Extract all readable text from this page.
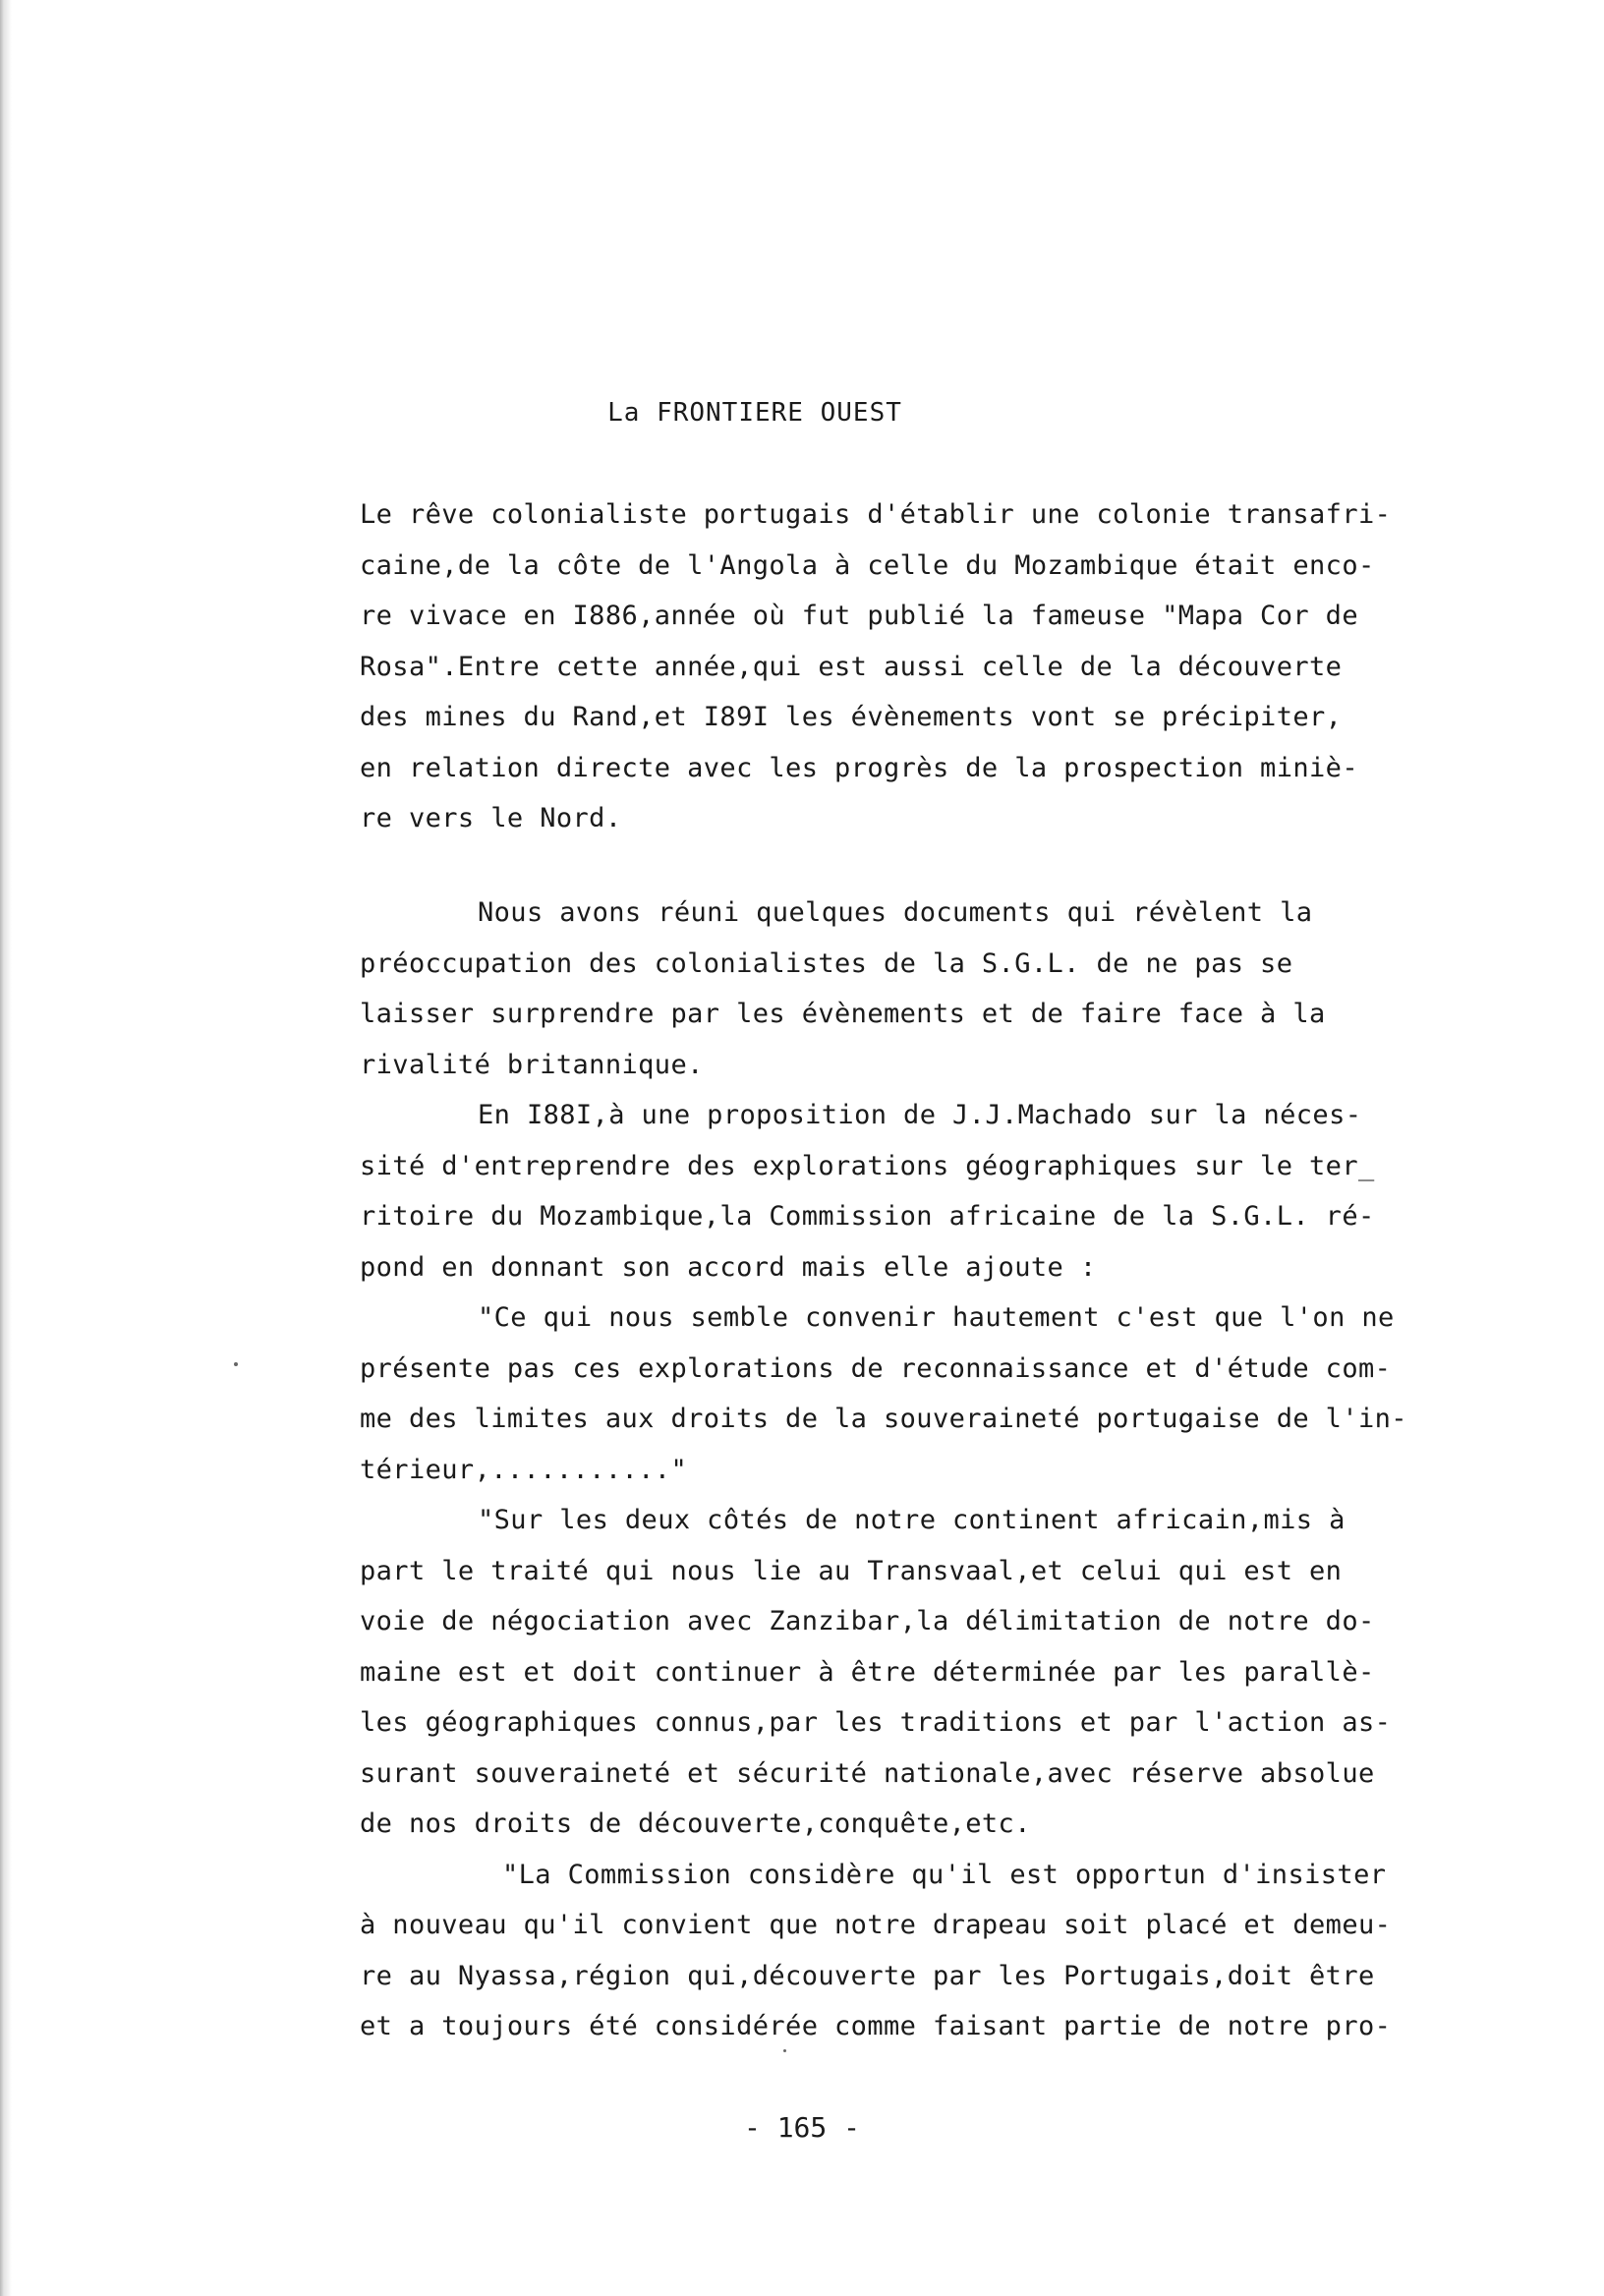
La FRONTIERE OUEST
Le rêve colonialiste portugais d'établir une colonie transafri-
caine,de la côte de l'Angola à celle du Mozambique était enco-
re vivace en I886,année où fut publié la fameuse "Mapa Cor de
Rosa".Entre cette année,qui est aussi celle de la découverte
des mines du Rand,et I89I les évènements vont se précipiter,
en relation directe avec les progrès de la prospection miniè-
re vers le Nord.
Nous avons réuni quelques documents qui révèlent la
préoccupation des colonialistes de la S.G.L. de ne pas se
laisser surprendre par les évènements et de faire face à la
rivalité britannique.
En I88I,à une proposition de J.J.Machado sur la néces-
sité d'entreprendre des explorations géographiques sur le ter_
ritoire du Mozambique,la Commission africaine de la S.G.L. ré-
pond en donnant son accord mais elle ajoute :
"Ce qui nous semble convenir hautement c'est que l'on ne
présente pas ces explorations de reconnaissance et d'étude com-
me des limites aux droits de la souveraineté portugaise de l'in-
térieur,..........."
"Sur les deux côtés de notre continent africain,mis à
part le traité qui nous lie au Transvaal,et celui qui est en
voie de négociation avec Zanzibar,la délimitation de notre do-
maine est et doit continuer à être déterminée par les parallè-
les géographiques connus,par les traditions et par l'action as-
surant souveraineté et sécurité nationale,avec réserve absolue
de nos droits de découverte,conquête,etc.
"La Commission considère qu'il est opportun d'insister
à nouveau qu'il convient que notre drapeau soit placé et demeu-
re au Nyassa,région qui,découverte par les Portugais,doit être
et a toujours été considérée comme faisant partie de notre pro-
- 165 -
